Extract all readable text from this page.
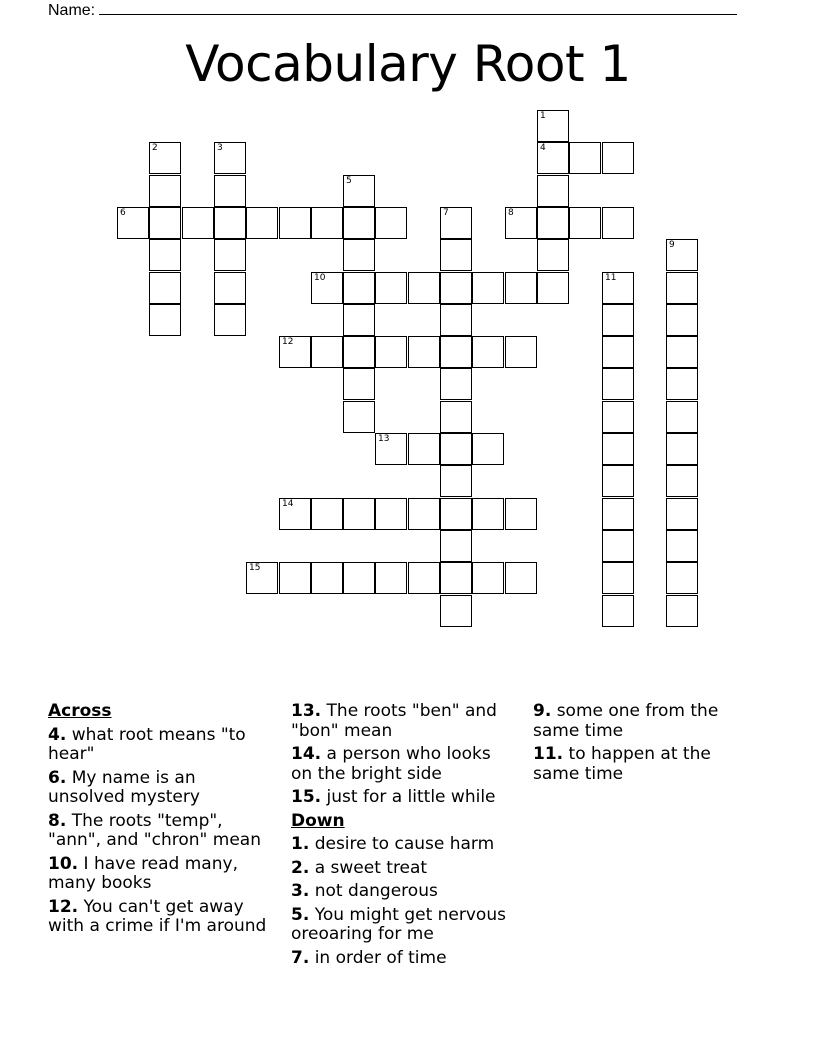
Name:
Vocabulary Root 1
1
4
2	3
5
6	7	8
9
10	11
12
13
14
15
Across
4. what root means "to hear"
6. My name is an unsolved mystery
8. The roots "temp", "ann", and "chron" mean
10. I have read many, many books
12. You can't get away with a crime if I'm around
13. The roots "ben" and "bon" mean
14. a person who looks on the bright side
15. just for a little while
Down
1. desire to cause harm
2. a sweet treat
3. not dangerous
5. You might get nervous oreoaring for me
7. in order of time
9. some one from the same time
11. to happen at the same time
